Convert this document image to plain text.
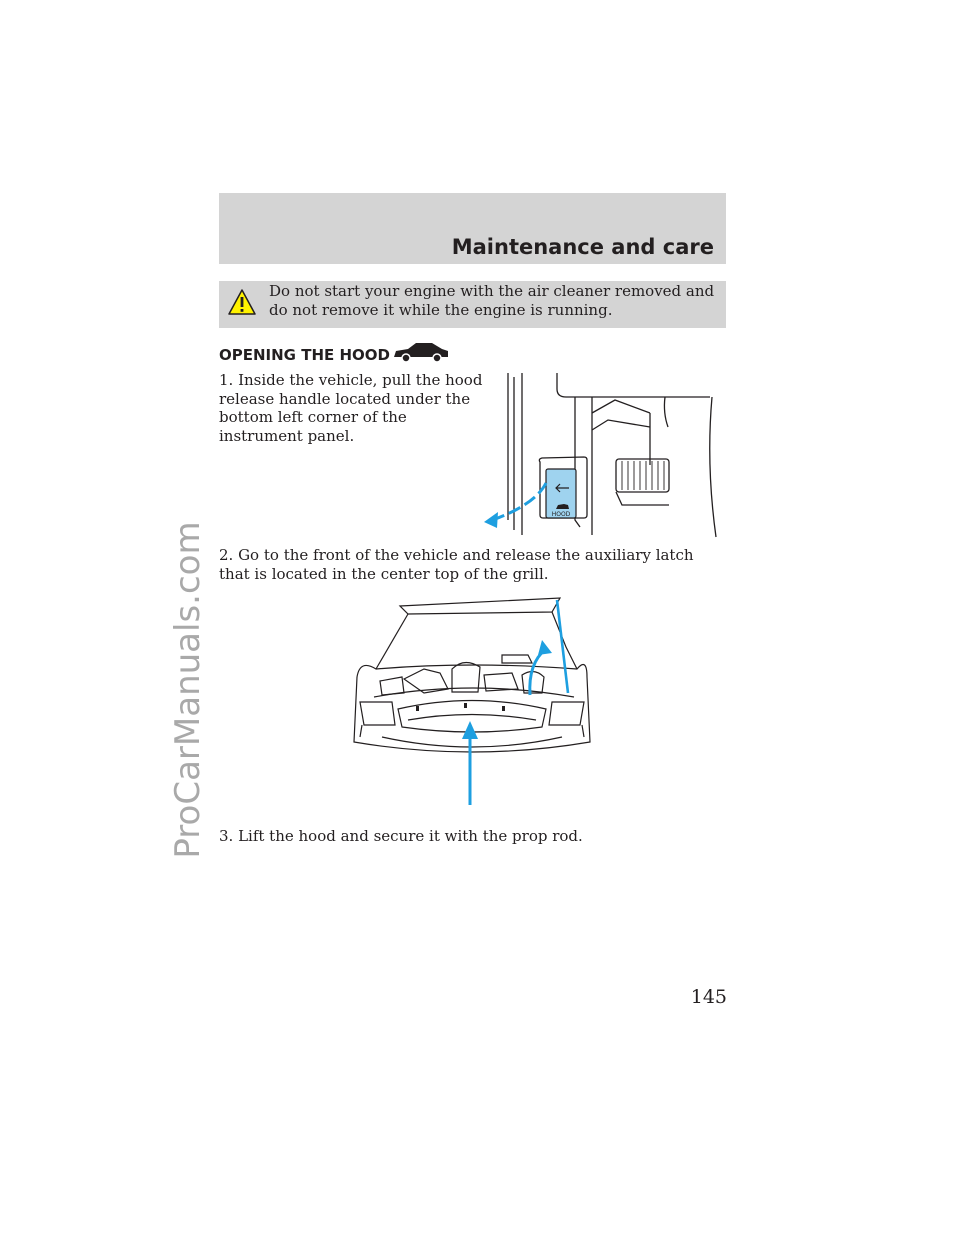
ProCarManuals.com
Maintenance and care
Do not start your engine with the air cleaner removed and do not remove it while the engine is running.
OPENING THE HOOD
1. Inside the vehicle, pull the hood release handle located under the bottom left corner of the instrument panel.
HOOD
2. Go to the front of the vehicle and release the auxiliary latch that is located in the center top of the grill.
3. Lift the hood and secure it with the prop rod.
145
